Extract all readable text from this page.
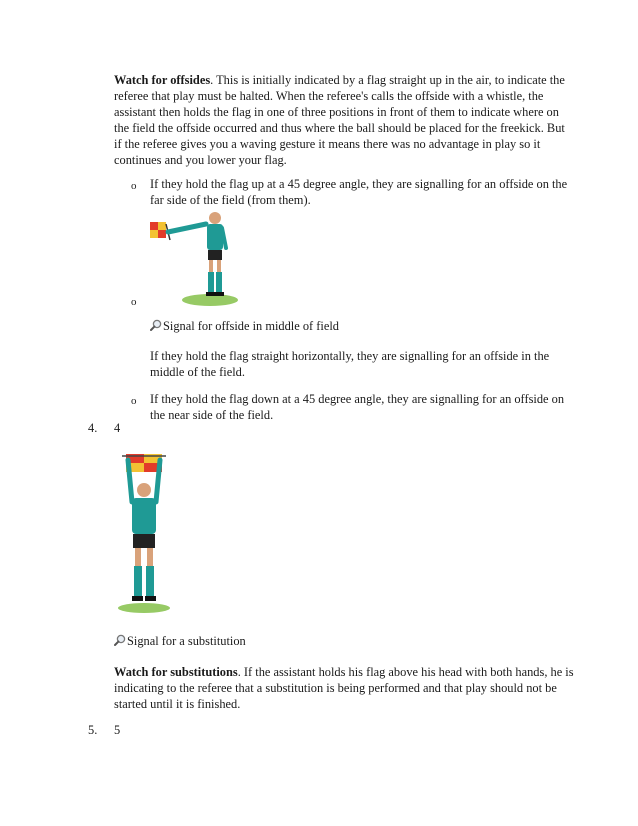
Watch for offsides. This is initially indicated by a flag straight up in the air, to indicate the referee that play must be halted. When the referee's calls the offside with a whistle, the assistant then holds the flag in one of three positions in front of them to indicate where on the field the offside occurred and thus where the ball should be placed for the freekick. But if the referee gives you a waving gesture it means there was no advantage in play so it continues and you lower your flag.
o	If they hold the flag up at a 45 degree angle, they are signalling for an offside on the far side of the field (from them).
o
Signal for offside in middle of field
If they hold the flag straight horizontally, they are signalling for an offside in the middle of the field.
o	If they hold the flag down at a 45 degree angle, they are signalling for an offside on the near side of the field.
4. 4
Signal for a substitution
Watch for substitutions. If the assistant holds his flag above his head with both hands, he is indicating to the referee that a substitution is being performed and that play should not be started until it is finished.
5. 5
